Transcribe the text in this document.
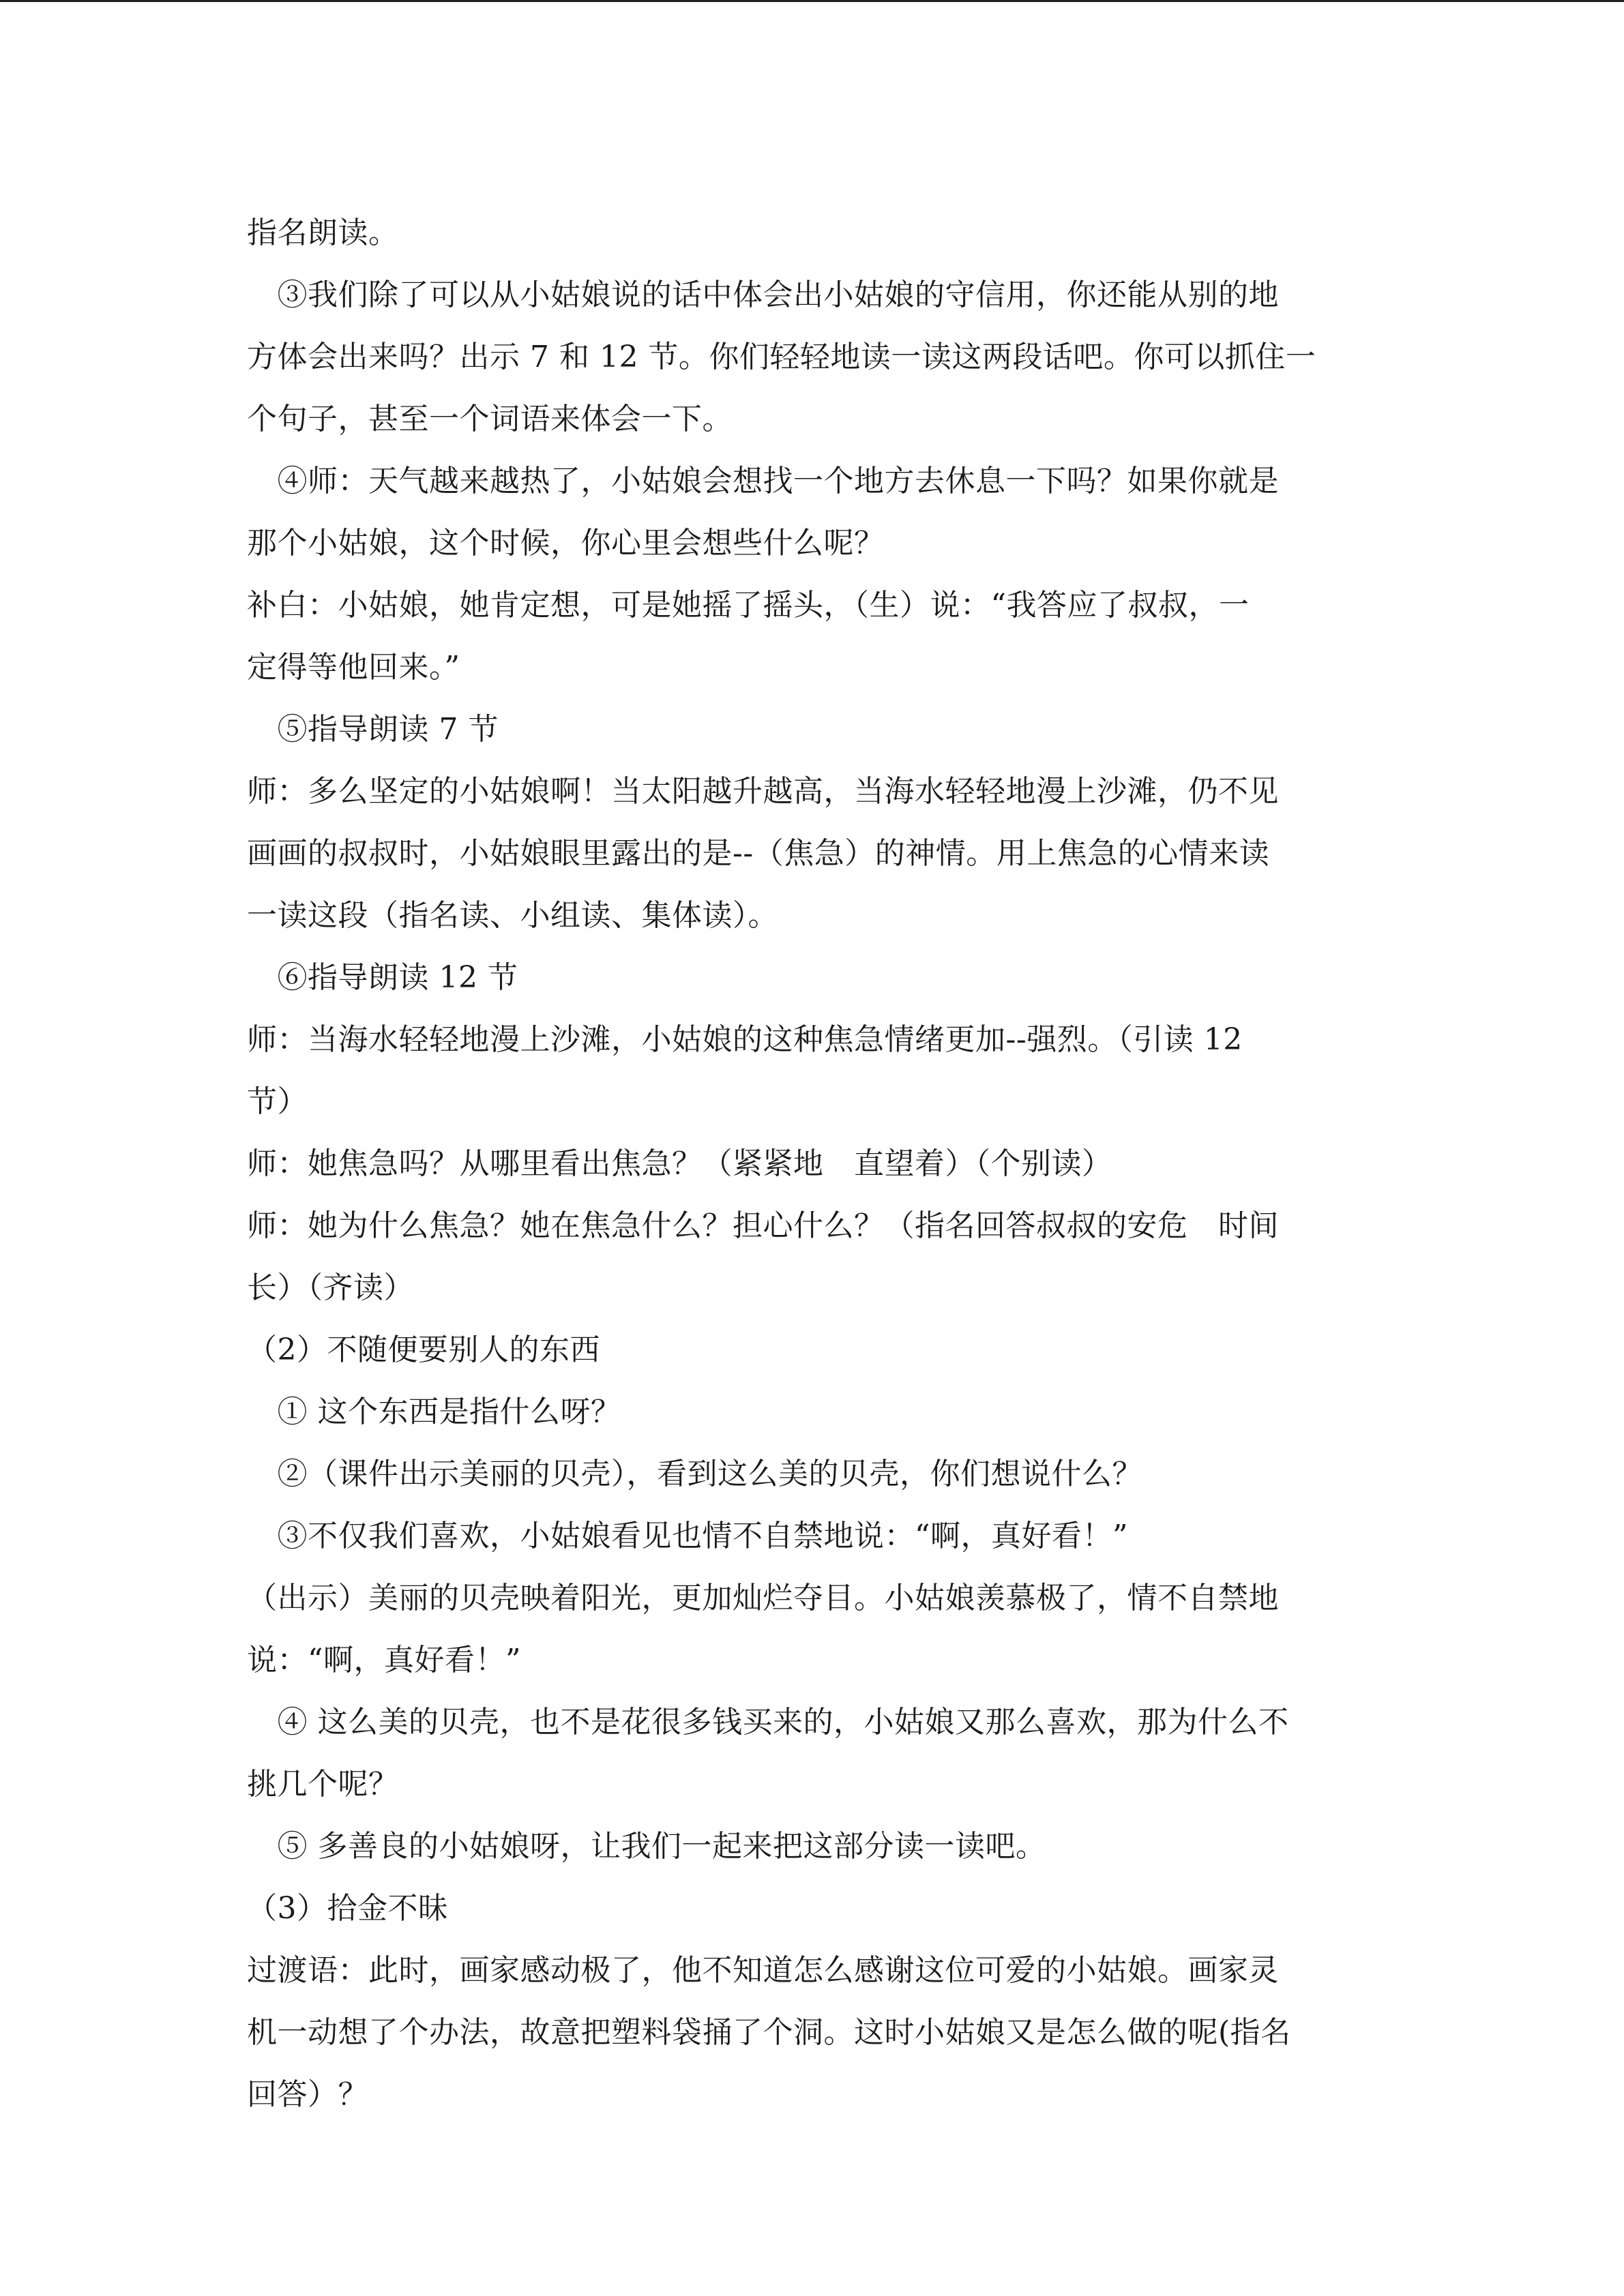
指名朗读。
　③我们除了可以从小姑娘说的话中体会出小姑娘的守信用，你还能从别的地
方体会出来吗？出示 7 和 12 节。你们轻轻地读一读这两段话吧。你可以抓住一
个句子，甚至一个词语来体会一下。
　④师：天气越来越热了，小姑娘会想找一个地方去休息一下吗？如果你就是
那个小姑娘，这个时候，你心里会想些什么呢？
补白：小姑娘，她肯定想，可是她摇了摇头，（生）说：“我答应了叔叔，一
定得等他回来。”
　⑤指导朗读 7 节
师：多么坚定的小姑娘啊！当太阳越升越高，当海水轻轻地漫上沙滩，仍不见
画画的叔叔时，小姑娘眼里露出的是--（焦急）的神情。用上焦急的心情来读
一读这段（指名读、小组读、集体读）。
　⑥指导朗读 12 节
师：当海水轻轻地漫上沙滩，小姑娘的这种焦急情绪更加--强烈。（引读 12
节）
师：她焦急吗？从哪里看出焦急？（紧紧地　直望着）（个别读）
师：她为什么焦急？她在焦急什么？担心什么？（指名回答叔叔的安危　时间
长）（齐读）
（2）不随便要别人的东西
　① 这个东西是指什么呀？
　②（课件出示美丽的贝壳），看到这么美的贝壳，你们想说什么？
　③不仅我们喜欢，小姑娘看见也情不自禁地说：“啊，真好看！”
（出示）美丽的贝壳映着阳光，更加灿烂夺目。小姑娘羡慕极了，情不自禁地
说：“啊，真好看！”
　④ 这么美的贝壳，也不是花很多钱买来的，小姑娘又那么喜欢，那为什么不
挑几个呢？
　⑤ 多善良的小姑娘呀，让我们一起来把这部分读一读吧。
（3）拾金不昧
过渡语：此时，画家感动极了，他不知道怎么感谢这位可爱的小姑娘。画家灵
机一动想了个办法，故意把塑料袋捅了个洞。这时小姑娘又是怎么做的呢(指名
回答）？
